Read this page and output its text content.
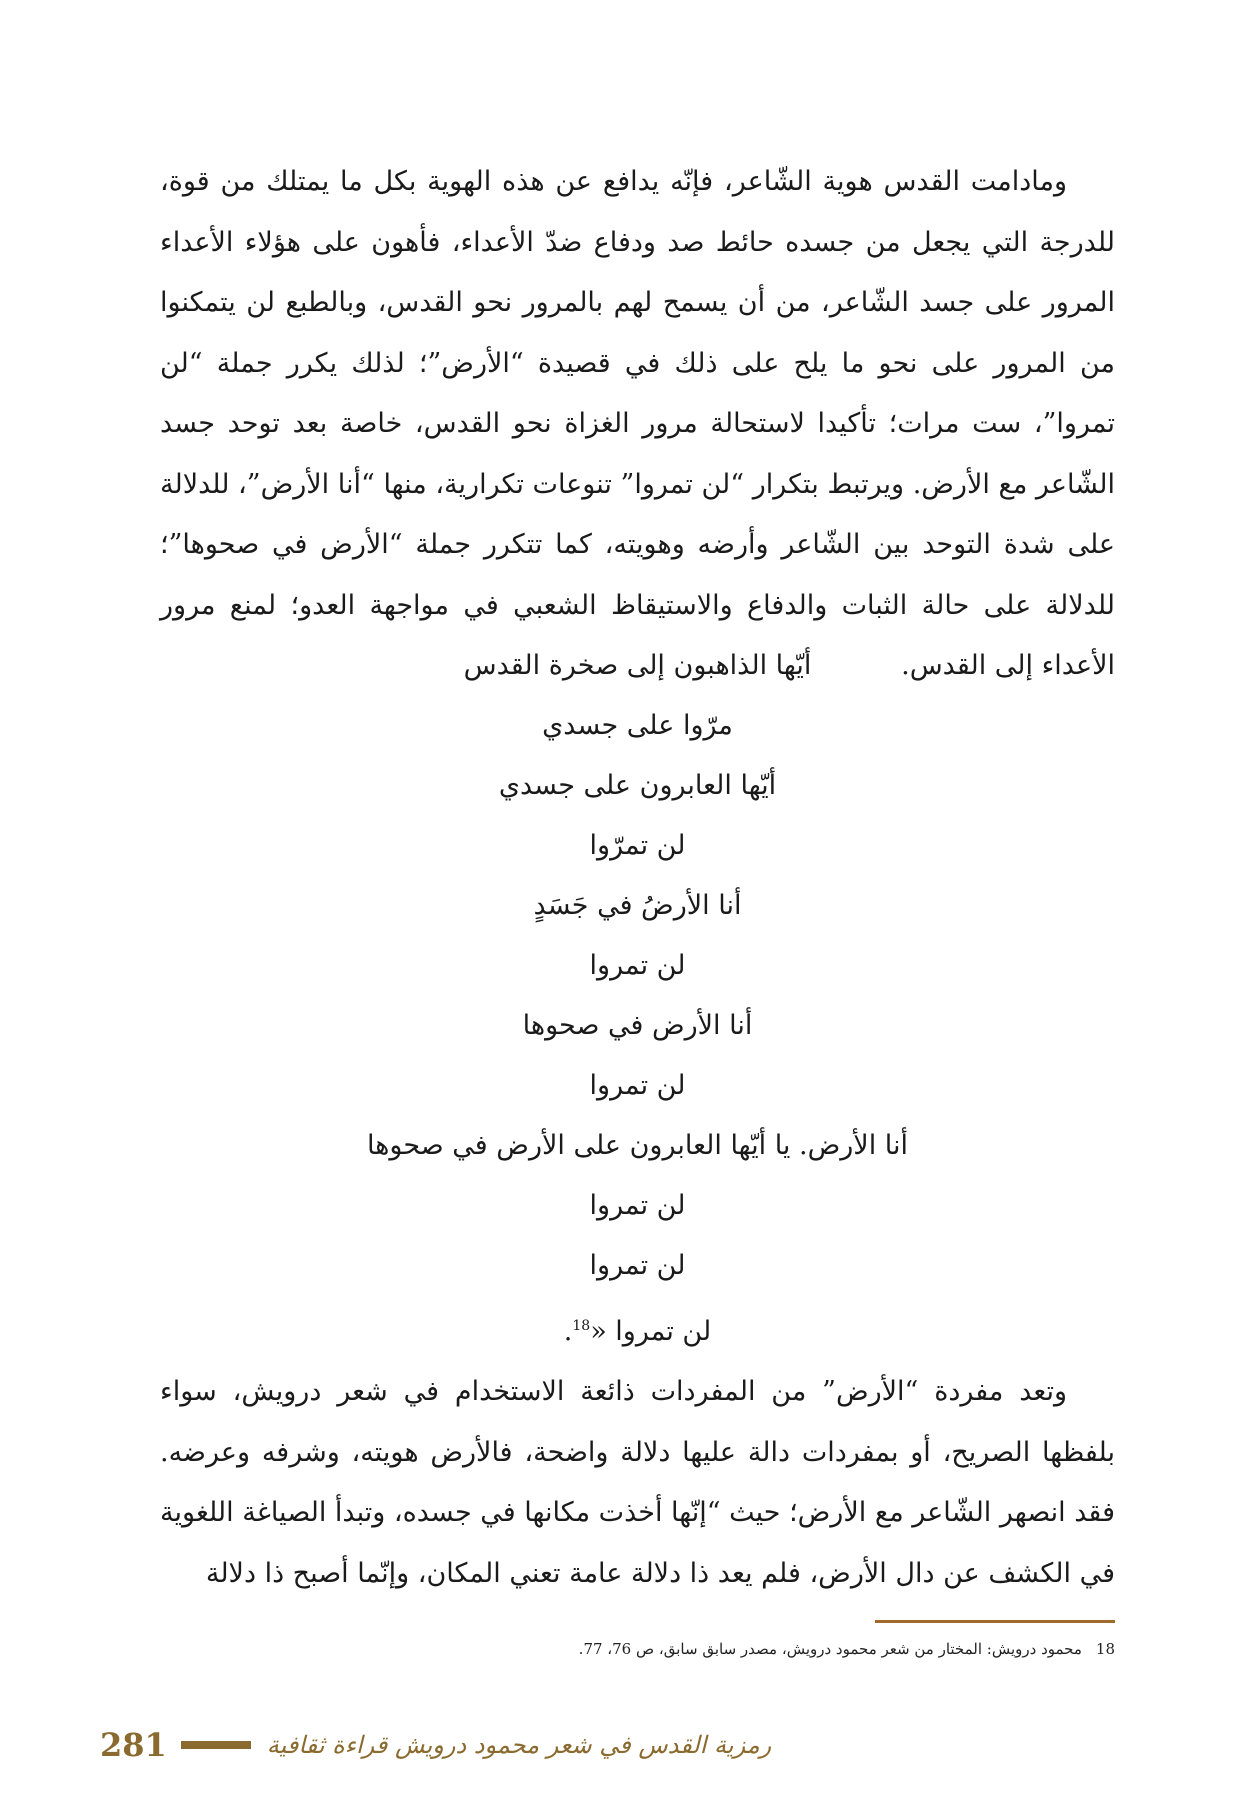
ومادامت القدس هوية الشّاعر، فإنّه يدافع عن هذه الهوية بكل ما يمتلك من قوة، للدرجة التي يجعل من جسده حائط صد ودفاع ضدّ الأعداء، فأهون على هؤلاء الأعداء المرور على جسد الشّاعر، من أن يسمح لهم بالمرور نحو القدس، وبالطبع لن يتمكنوا من المرور على نحو ما يلح على ذلك في قصيدة “الأرض”؛ لذلك يكرر جملة “لن تمروا”، ست مرات؛ تأكيدا لاستحالة مرور الغزاة نحو القدس، خاصة بعد توحد جسد الشّاعر مع الأرض. ويرتبط بتكرار “لن تمروا” تنوعات تكرارية، منها “أنا الأرض”، للدلالة على شدة التوحد بين الشّاعر وأرضه وهويته، كما تتكرر جملة “الأرض في صحوها”؛ للدلالة على حالة الثبات والدفاع والاستيقاظ الشعبي في مواجهة العدو؛ لمنع مرور الأعداء إلى القدس.

أيّها الذاهبون إلى صخرة القدس
مرّوا على جسدي
أيّها العابرون على جسدي
لن تمرّوا
أنا الأرضُ في جَسَدٍ
لن تمروا
أنا الأرض في صحوها
لن تمروا
أنا الأرض. يا أيّها العابرون على الأرض في صحوها
لن تمروا
لن تمروا
لن تمروا «$^{18}$.

وتعد مفردة “الأرض” من المفردات ذائعة الاستخدام في شعر درويش، سواء بلفظها الصريح، أو بمفردات دالة عليها دلالة واضحة، فالأرض هويته، وشرفه وعرضه. فقد انصهر الشّاعر مع الأرض؛ حيث “إنّها أخذت مكانها في جسده، وتبدأ الصياغة اللغوية في الكشف عن دال الأرض، فلم يعد ذا دلالة عامة تعني المكان، وإنّما أصبح ذا دلالة

18محمود درويش: المختار من شعر محمود درويش، مصدر سابق سابق، ص 76، 77.
281	رمزية القدس في شعر محمود درويش قراءة ثقافية
